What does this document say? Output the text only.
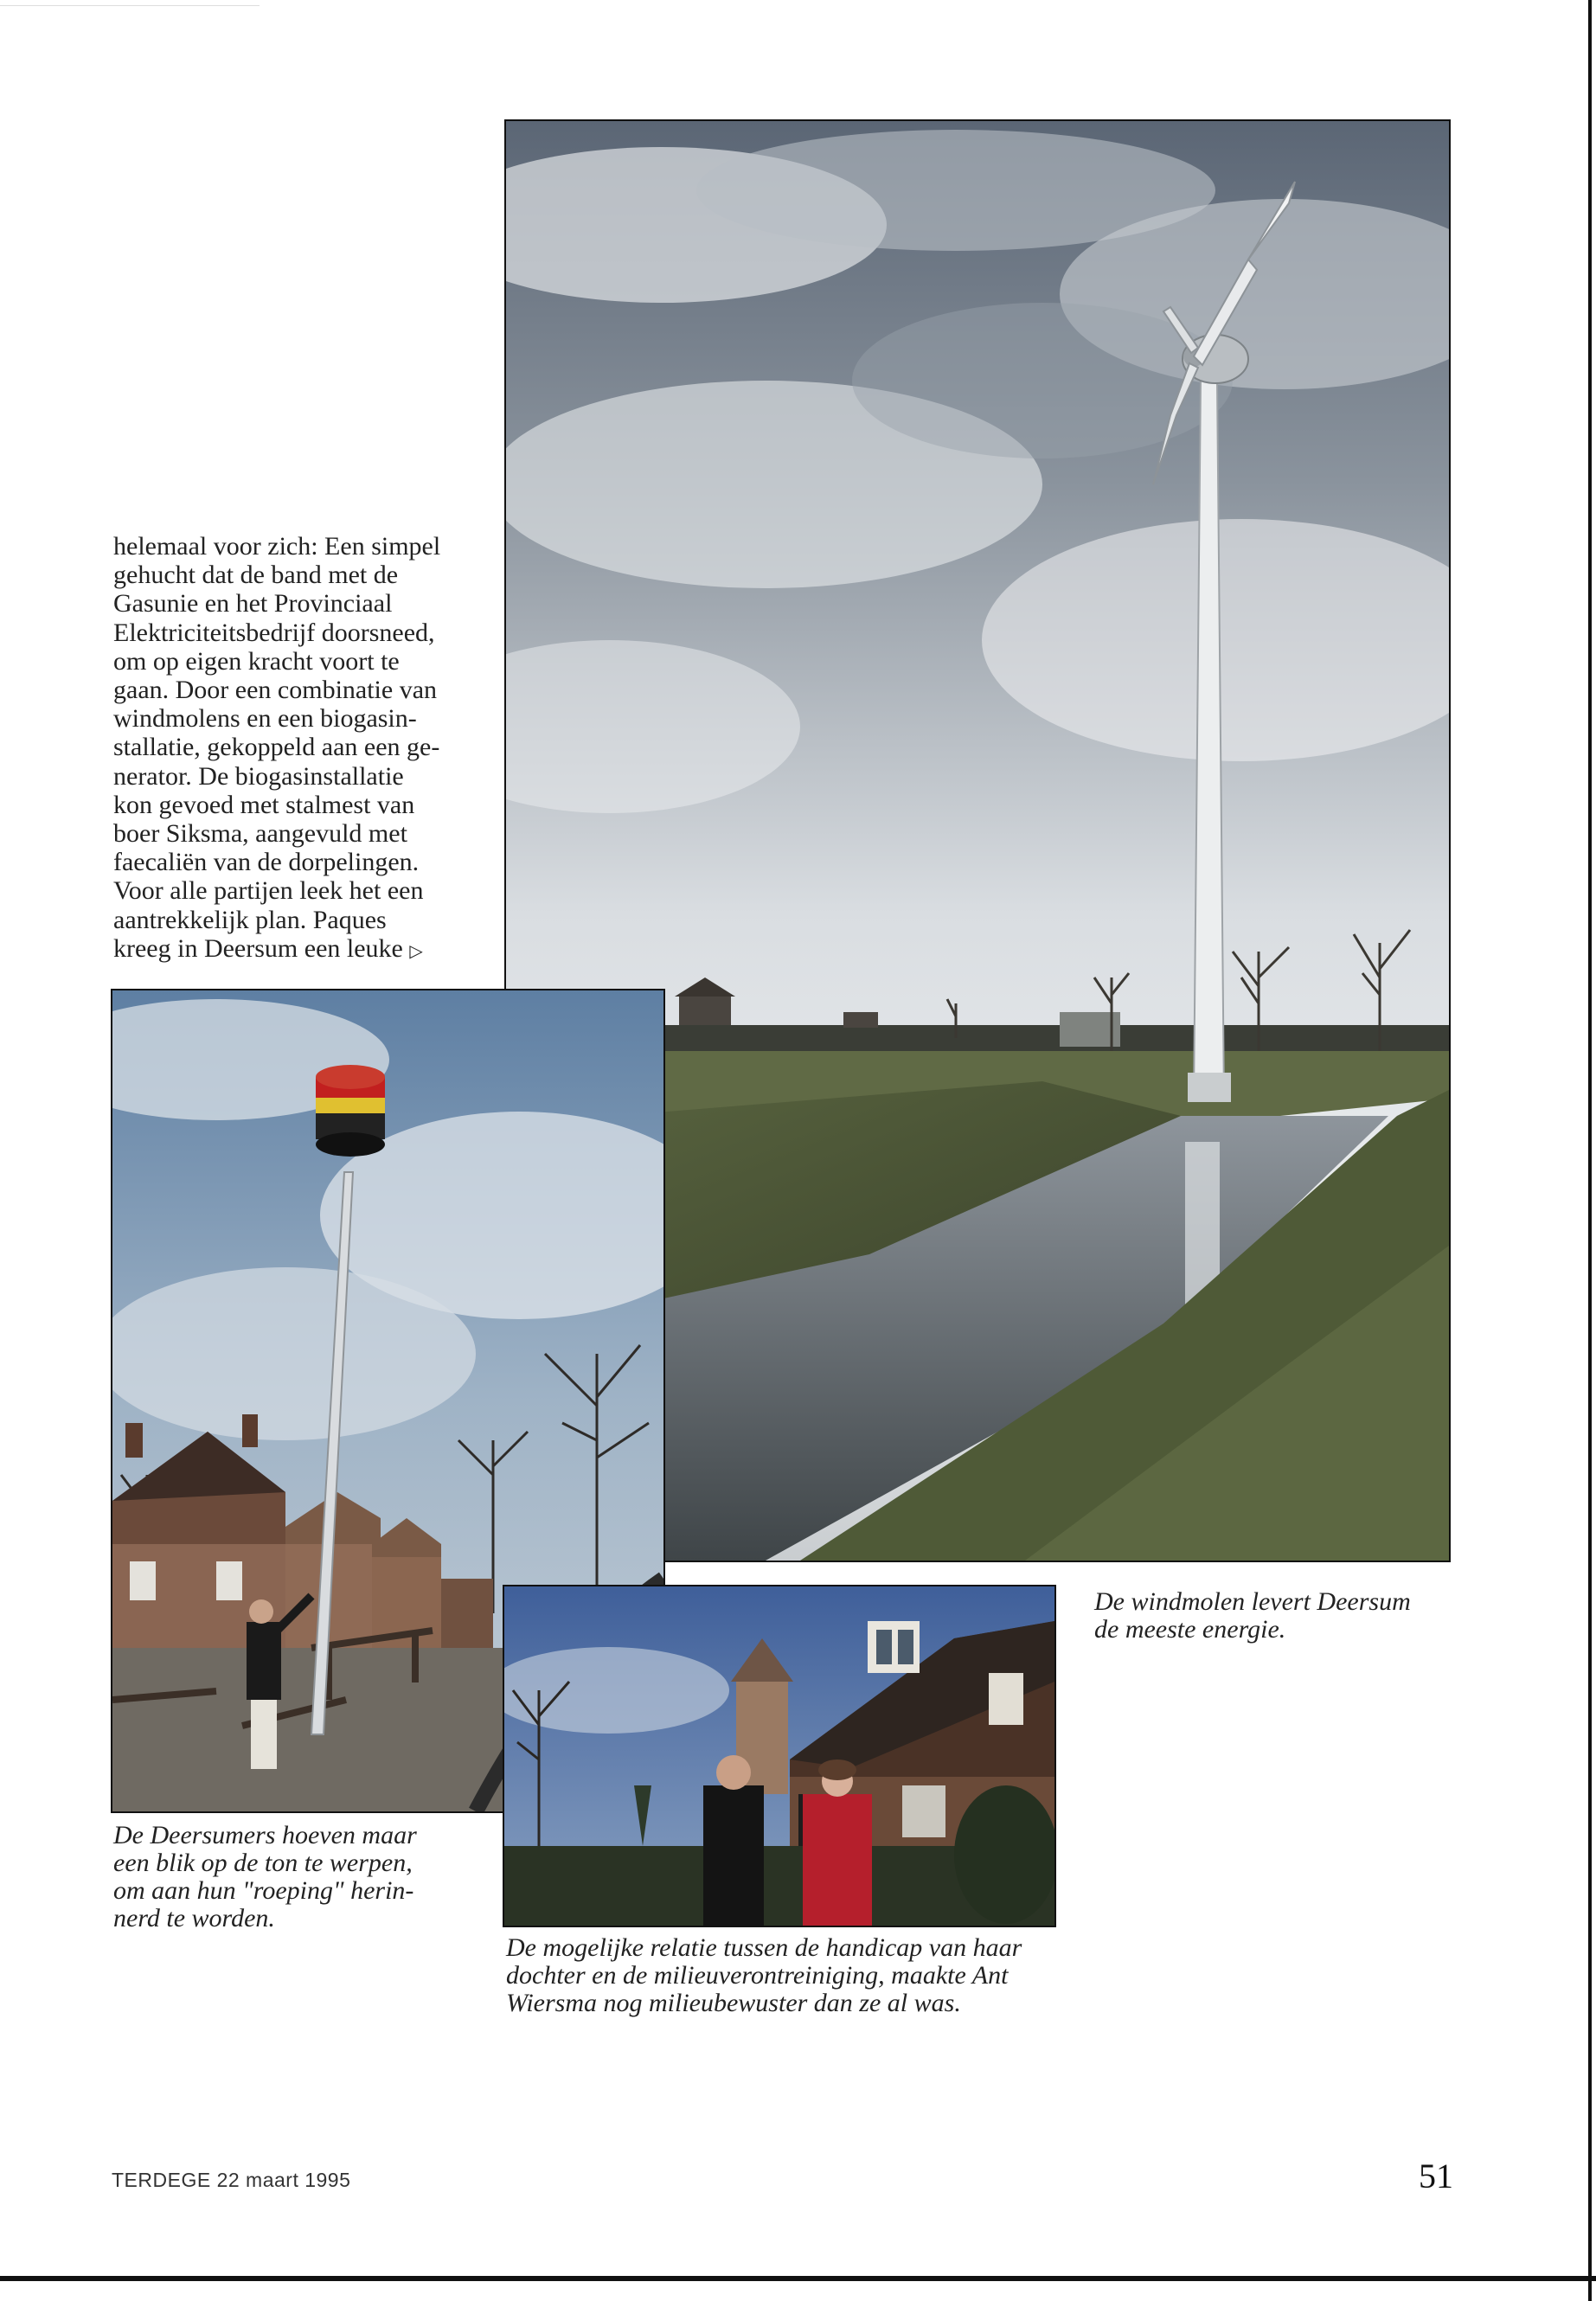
helemaal voor zich: Een simpel
gehucht dat de band met de
Gasunie en het Provinciaal
Elektriciteitsbedrijf doorsneed,
om op eigen kracht voort te
gaan. Door een combinatie van
windmolens en een biogasin-
stallatie, gekoppeld aan een ge-
nerator. De biogasinstallatie
kon gevoed met stalmest van
boer Siksma, aangevuld met
faecaliën van de dorpelingen.
Voor alle partijen leek het een
aantrekkelijk plan. Paques
kreeg in Deersum een leuke ▷
De windmolen levert Deersum
de meeste energie.
De Deersumers hoeven maar
een blik op de ton te werpen,
om aan hun "roeping" herin-
nerd te worden.
De mogelijke relatie tussen de handicap van haar
dochter en de milieuverontreiniging, maakte Ant
Wiersma nog milieubewuster dan ze al was.
TERDEGE 22 maart 1995	51
